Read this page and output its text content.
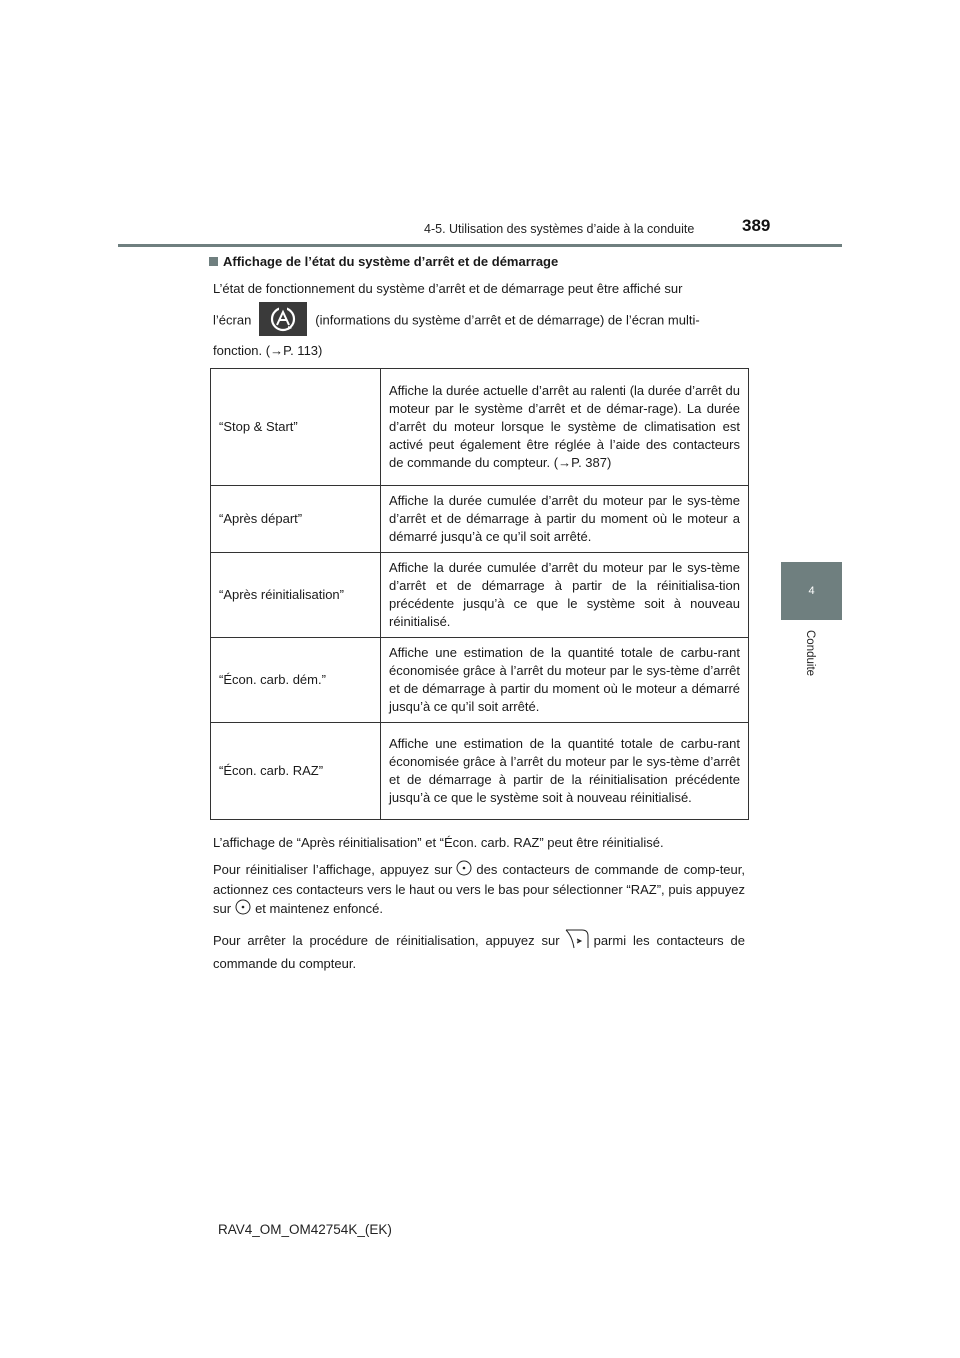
4-5. Utilisation des systèmes d’aide à la conduite	389
4
Conduite
Affichage de l’état du système d’arrêt et de démarrage

L’état de fonctionnement du système d’arrêt et de démarrage peut être affiché sur
l’écran	(informations du système d’arrêt et de démarrage) de l’écran multi-
fonction. (→P. 113)

“Stop & Start”	Affiche la durée actuelle d’arrêt au ralenti (la durée d’arrêt du moteur par le système d’arrêt et de démar-rage). La durée d’arrêt du moteur lorsque le système de climatisation est activé peut également être réglée à l’aide des contacteurs de commande du compteur. (→P. 387)
“Après départ”	Affiche la durée cumulée d’arrêt du moteur par le sys-tème d’arrêt et de démarrage à partir du moment où le moteur a démarré jusqu’à ce qu’il soit arrêté.
“Après réinitialisation”	Affiche la durée cumulée d’arrêt du moteur par le sys-tème d’arrêt et de démarrage à partir de la réinitialisa-tion précédente jusqu’à ce que le système soit à nouveau réinitialisé.
“Écon. carb. dém.”	Affiche une estimation de la quantité totale de carbu-rant économisée grâce à l’arrêt du moteur par le sys-tème d’arrêt et de démarrage à partir du moment où le moteur a démarré jusqu’à ce qu’il soit arrêté.
“Écon. carb. RAZ”	Affiche une estimation de la quantité totale de carbu-rant économisée grâce à l’arrêt du moteur par le sys-tème d’arrêt et de démarrage à partir de la réinitialisation précédente jusqu’à ce que le système soit à nouveau réinitialisé.

L’affichage de “Après réinitialisation” et “Écon. carb. RAZ” peut être réinitialisé.

Pour réinitialiser l’affichage, appuyez sur des contacteurs de commande de comp-teur, actionnez ces contacteurs vers le haut ou vers le bas pour sélectionner “RAZ”, puis appuyez sur et maintenez enfoncé.

Pour arrêter la procédure de réinitialisation, appuyez sur	parmi les contacteurs de commande du compteur.

RAV4_OM_OM42754K_(EK)
